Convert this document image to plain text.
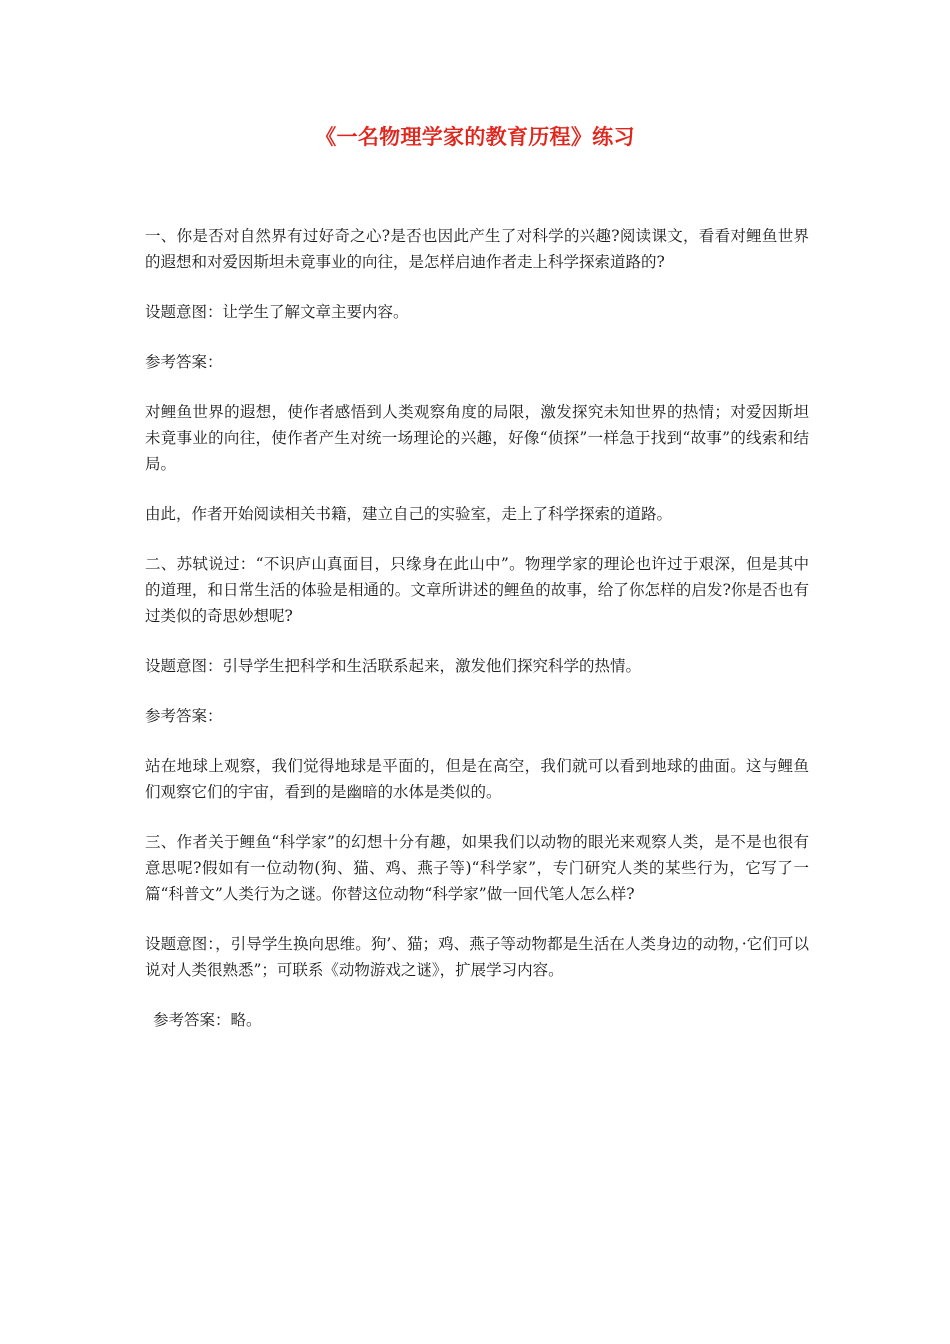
《一名物理学家的教育历程》练习

一、你是否对自然界有过好奇之心?是否也因此产生了对科学的兴趣?阅读课文，看看对鲤鱼世界的遐想和对爱因斯坦未竟事业的向往，是怎样启迪作者走上科学探索道路的?

设题意图：让学生了解文章主要内容。

参考答案：

对鲤鱼世界的遐想，使作者感悟到人类观察角度的局限，激发探究未知世界的热情；对爱因斯坦未竟事业的向往，使作者产生对统一场理论的兴趣，好像“侦探”一样急于找到“故事”的线索和结局。

由此，作者开始阅读相关书籍，建立自己的实验室，走上了科学探索的道路。

二、苏轼说过：“不识庐山真面目，只缘身在此山中”。物理学家的理论也许过于艰深，但是其中的道理，和日常生活的体验是相通的。文章所讲述的鲤鱼的故事，给了你怎样的启发?你是否也有过类似的奇思妙想呢?

设题意图：引导学生把科学和生活联系起来，激发他们探究科学的热情。

参考答案：

站在地球上观察，我们觉得地球是平面的，但是在高空，我们就可以看到地球的曲面。这与鲤鱼们观察它们的宇宙，看到的是幽暗的水体是类似的。

三、作者关于鲤鱼“科学家”的幻想十分有趣，如果我们以动物的眼光来观察人类，是不是也很有意思呢?假如有一位动物(狗、猫、鸡、燕子等)“科学家”，专门研究人类的某些行为，它写了一篇“科普文”人类行为之谜。你替这位动物“科学家”做一回代笔人怎么样?

设题意图：，引导学生换向思维。狗’、猫；鸡、燕子等动物都是生活在人类身边的动物，·它们可以说对人类很熟悉”；可联系《动物游戏之谜》，扩展学习内容。

参考答案：略。
